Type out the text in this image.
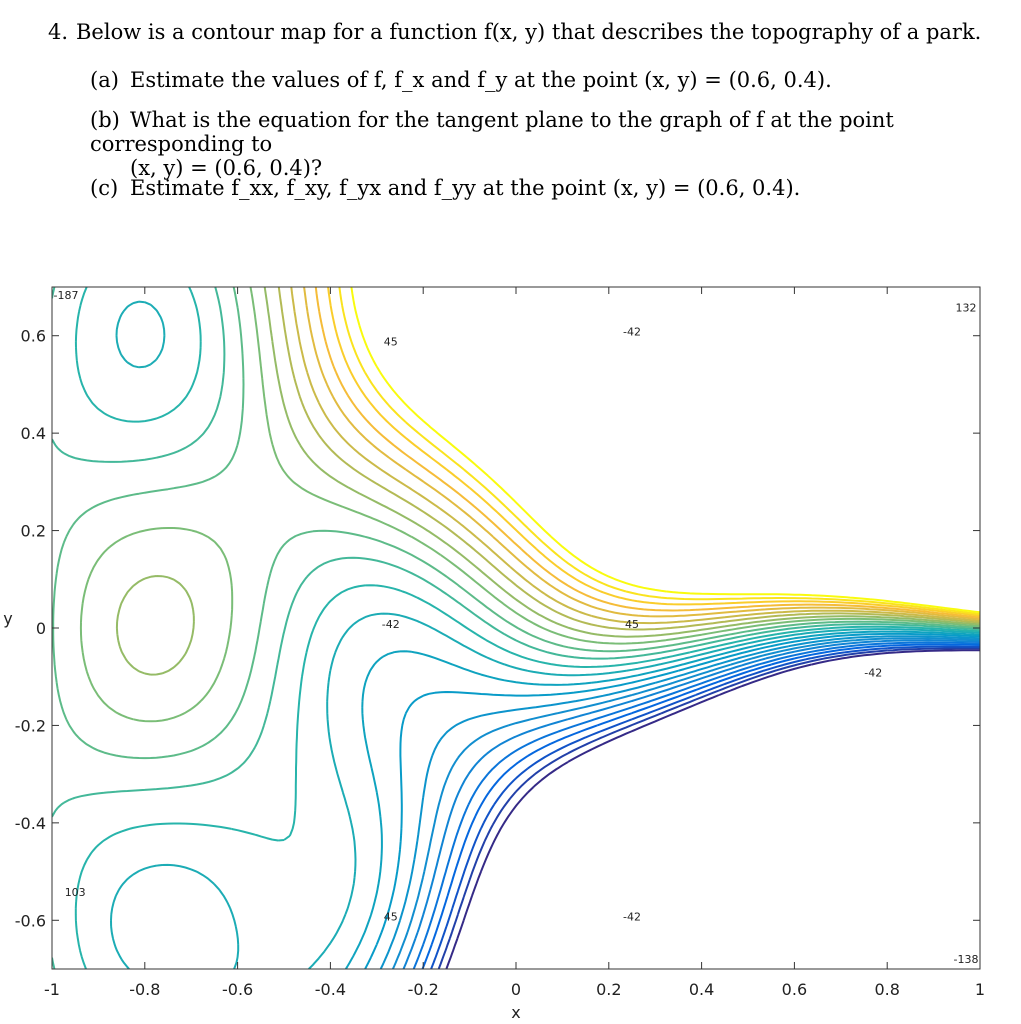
4. Below is a contour map for a function f(x, y) that describes the topography of a park.
(a) Estimate the values of f, f_x and f_y at the point (x, y) = (0.6, 0.4).
(b) What is the equation for the tangent plane to the graph of f at the point corresponding to
(x, y) = (0.6, 0.4)?
(c) Estimate f_xx, f_xy, f_yx and f_yy at the point (x, y) = (0.6, 0.4).
-1	-0.8	-0.6	-0.4	-0.2	0	0.2	0.4	0.6	0.8	1
0.6
0.4
0.2
0
-0.2
-0.4
-0.6
45
-42
-42	45
45	-42
-42
103
132
-187
-138
x
y
